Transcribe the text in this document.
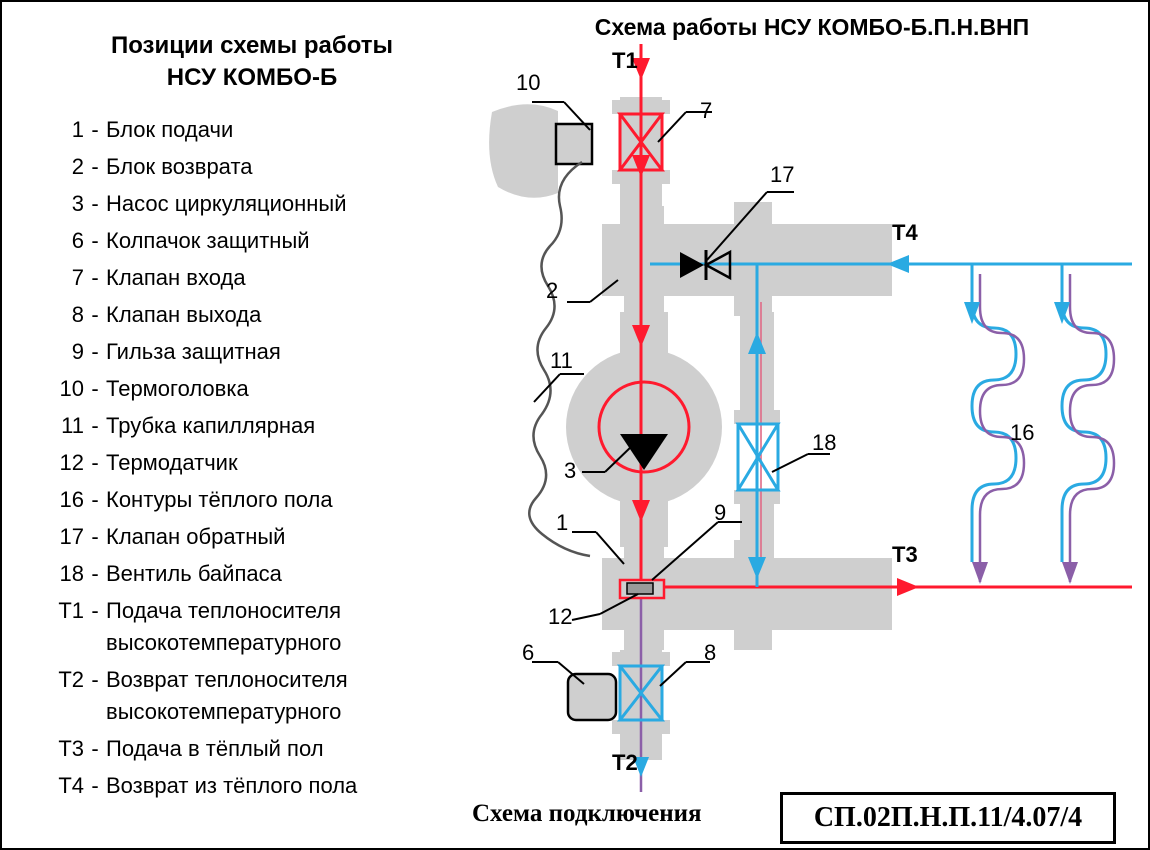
Позиции схемы работы
НСУ КОМБО-Б
1 - Блок подачи
2 - Блок возврата
3 - Насос циркуляционный
6 - Колпачок защитный
7 - Клапан входа
8 - Клапан выхода
9 - Гильза защитная
10 - Термоголовка
11 - Трубка капиллярная
12 - Термодатчик
16 - Контуры тёплого пола
17 - Клапан обратный
18 - Вентиль байпаса
Т1 - Подача теплоносителя
высокотемпературного
Т2 - Возврат теплоносителя
высокотемпературного
Т3 - Подача в тёплый пол
Т4 - Возврат из тёплого пола
Схема работы НСУ КОМБО-Б.П.Н.ВНП
Схема подключения	СП.02П.Н.П.11/4.07/4
10
7
17
2
11
3
1	9
12
18	16
6	8
Т1
Т2
Т3
Т4
